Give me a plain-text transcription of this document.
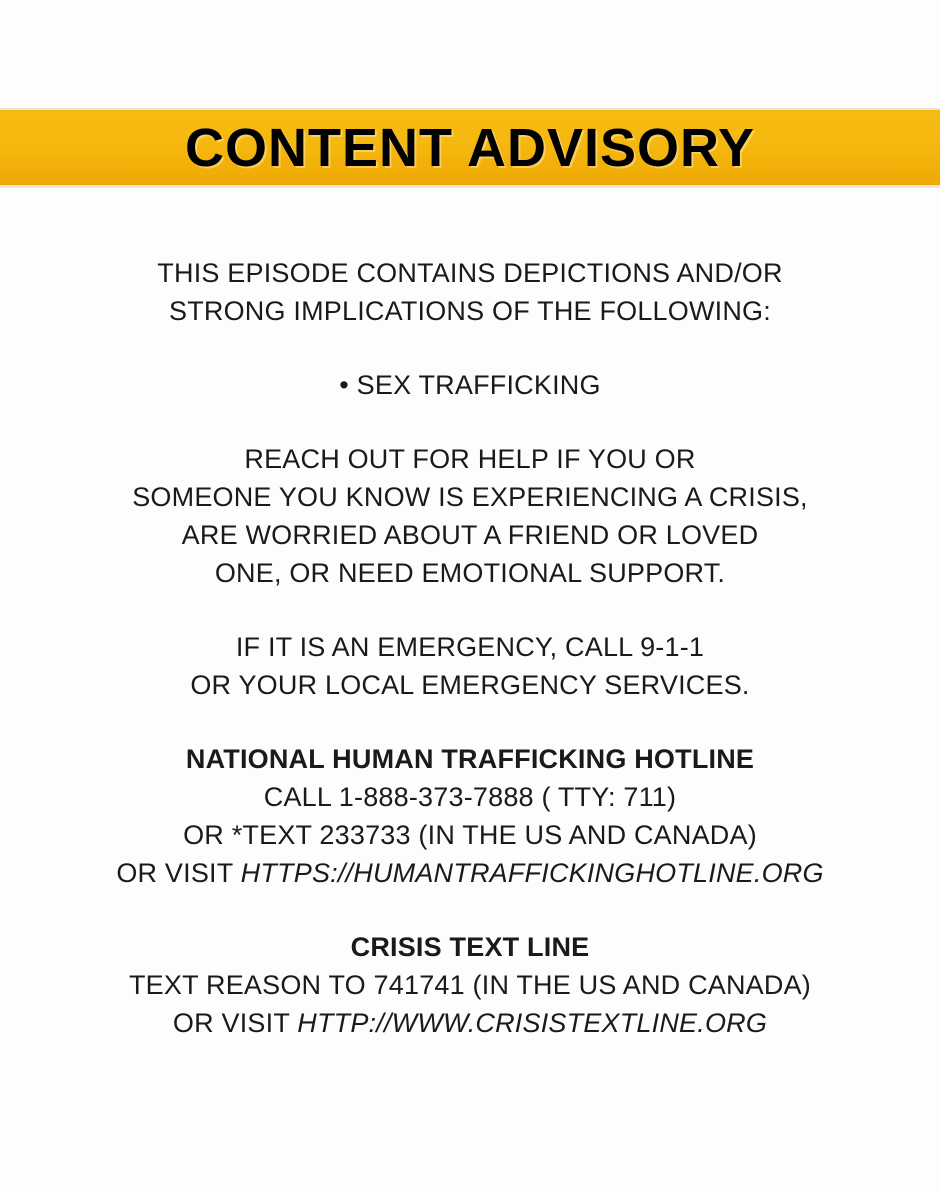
CONTENT ADVISORY
THIS EPISODE CONTAINS DEPICTIONS AND/OR
STRONG IMPLICATIONS OF THE FOLLOWING:
• SEX TRAFFICKING
REACH OUT FOR HELP IF YOU OR
SOMEONE YOU KNOW IS EXPERIENCING A CRISIS,
ARE WORRIED ABOUT A FRIEND OR LOVED
ONE, OR NEED EMOTIONAL SUPPORT.
IF IT IS AN EMERGENCY, CALL 9-1-1
OR YOUR LOCAL EMERGENCY SERVICES.
NATIONAL HUMAN TRAFFICKING HOTLINE
CALL 1-888-373-7888 ( TTY: 711)
OR *TEXT 233733 (IN THE US AND CANADA)
OR VISIT HTTPS://HUMANTRAFFICKINGHOTLINE.ORG
CRISIS TEXT LINE
TEXT REASON TO 741741 (IN THE US AND CANADA)
OR VISIT HTTP://WWW.CRISISTEXTLINE.ORG
